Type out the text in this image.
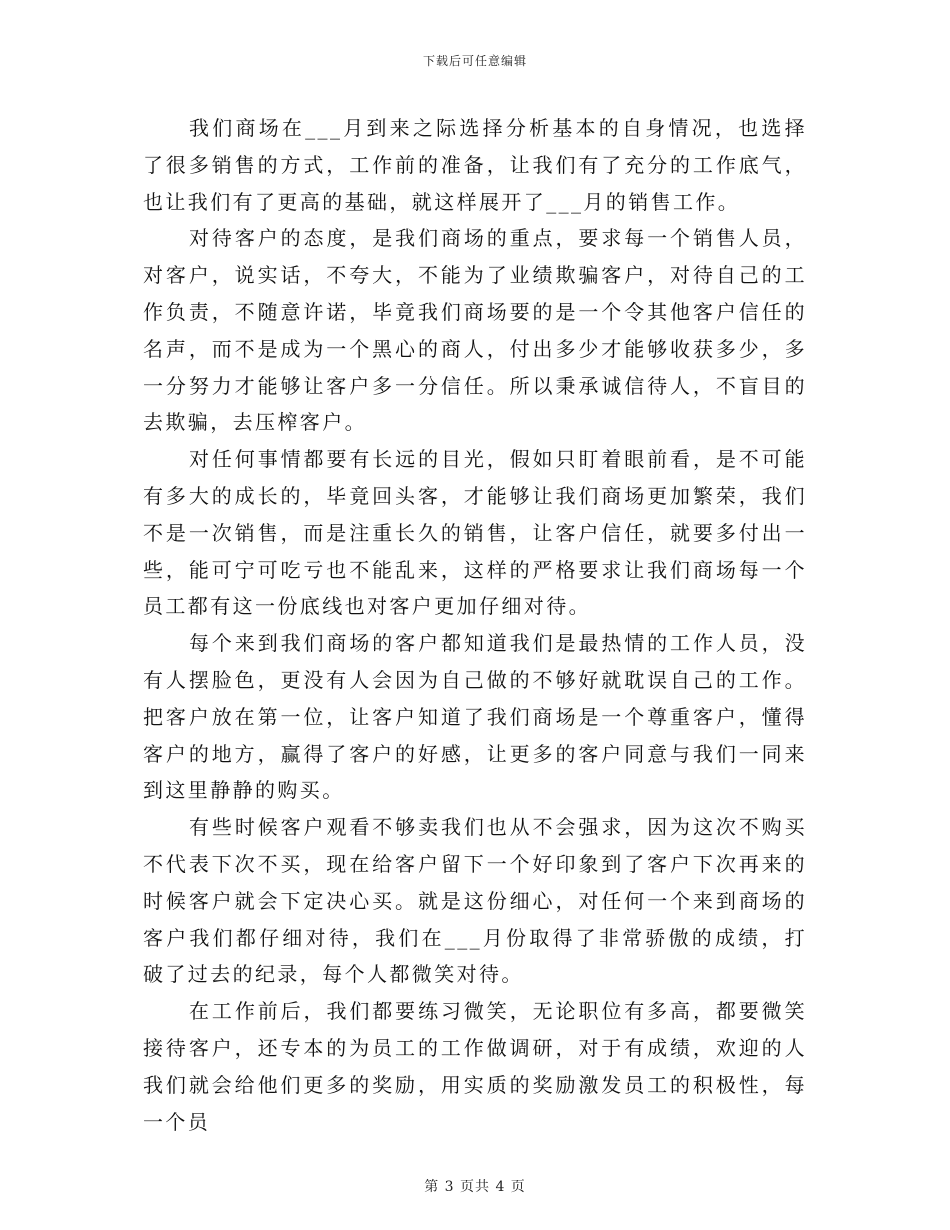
下载后可任意编辑

我们商场在___月到来之际选择分析基本的自身情况，也选择了很多销售的方式，工作前的准备，让我们有了充分的工作底气，也让我们有了更高的基础，就这样展开了___月的销售工作。

对待客户的态度，是我们商场的重点，要求每一个销售人员，对客户，说实话，不夸大，不能为了业绩欺骗客户，对待自己的工作负责，不随意许诺，毕竟我们商场要的是一个令其他客户信任的名声，而不是成为一个黑心的商人，付出多少才能够收获多少，多一分努力才能够让客户多一分信任。所以秉承诚信待人，不盲目的去欺骗，去压榨客户。

对任何事情都要有长远的目光，假如只盯着眼前看，是不可能有多大的成长的，毕竟回头客，才能够让我们商场更加繁荣，我们不是一次销售，而是注重长久的销售，让客户信任，就要多付出一些，能可宁可吃亏也不能乱来，这样的严格要求让我们商场每一个员工都有这一份底线也对客户更加仔细对待。

每个来到我们商场的客户都知道我们是最热情的工作人员，没有人摆脸色，更没有人会因为自己做的不够好就耽误自己的工作。把客户放在第一位，让客户知道了我们商场是一个尊重客户，懂得客户的地方，赢得了客户的好感，让更多的客户同意与我们一同来到这里静静的购买。

有些时候客户观看不够卖我们也从不会强求，因为这次不购买不代表下次不买，现在给客户留下一个好印象到了客户下次再来的时候客户就会下定决心买。就是这份细心，对任何一个来到商场的客户我们都仔细对待，我们在___月份取得了非常骄傲的成绩，打破了过去的纪录，每个人都微笑对待。

在工作前后，我们都要练习微笑，无论职位有多高，都要微笑接待客户，还专本的为员工的工作做调研，对于有成绩，欢迎的人我们就会给他们更多的奖励，用实质的奖励激发员工的积极性，每一个员

第 3 页共 4 页
